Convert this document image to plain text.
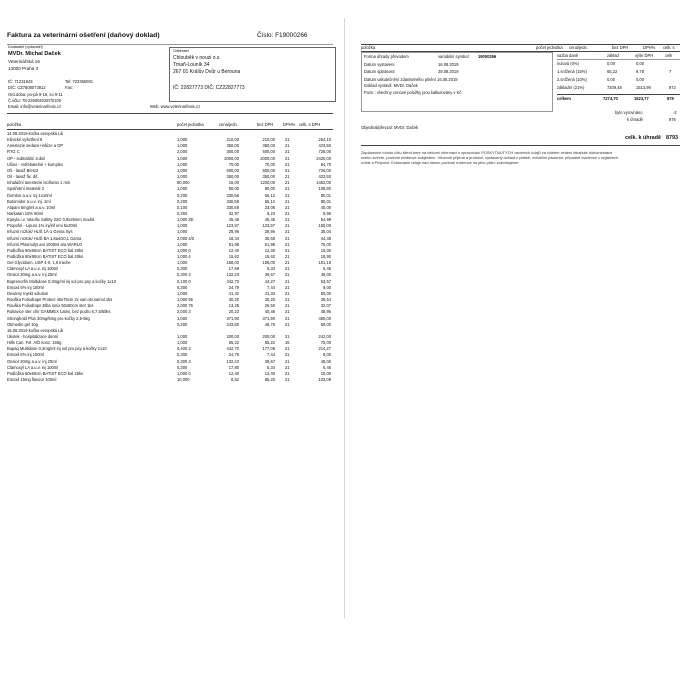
Faktura za veterinární ošetření (daňový doklad)	Číslo: F19000266
Dodavatel (vydavatel)
MVDr. Michal Daček
Veterinářská 16
13000 Praha 3
IČ: 71231943	Tel: 723365001
DIČ: CZ7808073912	Fax:
Ord.doba: po-pá 9-19, so 9-11
Č.účtu: 78-2360040287/0100
Email: info@veterinarfenix.cz	Web: www.veterinarfenix.cz
Odběratel
Chlouběk v nouzi o.s.
Tmaň-Louník 34
267 01 Králův Dvůr u Berouna
IČ: 22827773 DIČ: CZ22827773
položka	počet jednotka	cena/jedn.	bez DPH DPH% celk. s DPH
14.08.2019 kočka evropská Lili
Klinické vyšetření 8	1,000	210,00	210,00 21	254,10
Anestezie sedace+infúze a OP	1,000	350,00	350,00 21	423,50
RTG C	2,000	300,00	600,00 21	726,00
OP - subtotální zubní	1,000	2000,00	2000,00 21	2420,00
Ušivo - vstřebatelné + komplex	1,000	70,00	70,00 21	84,70
Oš - lavaž B/etc2	1,000	600,00	600,00 21	726,00
Oš - lavaž fix. dif.	1,000	350,00	350,00 21	423,50
Inhalační anestezie isofluran 1 min	80,000	15,00	1200,00 21	1452,00
Spotřební materiál 3	1,000	90,00	90,00 21	108,90
Domitor a.u.v. inj 1x10ml	0,200	330,56	66,12 21	80,01
Butomidor a.u.v. inj. 1ml	0,200	330,58	66,12 21	80,01
Atipam 5mg/ml a.u.v. 10ml	0,100	330,58	33,06 21	40,00
Narkatan 10% 50ml	0,250	32,97	8,23 21	9,96
Kanyla i.v. Vasofix Safety 22G 0,9x25mm modrá	1,000 ZE	45,45	45,45 21	54,99
Propofol - Lipuro 1% inj/inf emi 5x20ml	1,000	123,97	123,97 21	150,00
Infuzní roztok/ HUŠ 1Ä-1 Gema Sys	1,000	28,96	28,96 21	35,04
Infuzní roztok/ HUŠ BA 1,8a4G0,L Gama	2,000 4/0	18,34	36,68 21	44,38
Infuzní Plasmolyt ani 1000ml a/a WARLO	1,000	61,98	61,98 21	75,00
Podložka 60x60cm BATIST ECO bal 20ks	1,000 0	12,40	12,40 21	15,00
Podložka 60x90cm BATIST ECO bal 20ks	1,000 4	15,62	15,62 21	18,90
Gel Glycidium, USP 4-0, 1,5 trache	1,000	158,00	158,00 21	191,18
Clamoxyl LA a.u.v. inj 100ml	0,300	17,69	5,34 21	6,46
Onsior 20mg a.u.v. inj 20ml	0,300 3	132,23	39,67 21	48,00
Buprenorfin Multidose 0,3mg/ml inj sol pro psy a kočky 1x10	0,100 0	442,70	44,27 21	53,57
Emoxil 5% inj 100ml	0,300	24,79	7,44 21	9,00
Dexamy Injekt solution	1,000	41,32	41,32 21	50,00
Rouška Foliodrape Protect 45x75cm 2v vari.otv.samol.1ks	1,000 55	30,20	30,20 21	36,54
Rouška Foliodrape Elba Ixnix 50x50cm ster 1ks	2,000 76	13,25	26,50 21	32,07
Rukavice ster chir GAMMEX Latex, bez pudru 6,7,5/50ks	2,000 3	20,23	40,46 21	48,96
Stronghold Plus 30mg/5mg pro kočky 2,5-5kg	1,000	371,90	371,90 21	450,00
Otimedin gel 10g	0,200	243,80	48,76 21	59,00
15.08.2019 kočka evropská Lili
Úkolek - hospitalizace denní	1,000	200,00	200,00 21	242,00
Hills Can. Fel. A/D konz. 156g	1,000	65,22	65,22 15	75,00
Bupaq Multidose 0,3mg/ml inj sol pro psy a kočky 1x10	0,400 3	442,70	177,08 21	214,27
Emoxil 5% inj 100ml	0,300	24,79	7,44 21	9,00
Onsior 20mg a.u.v. inj 20ml	0,300 3	132,23	39,67 21	48,00
Clamoxyl LA a.u.v. inj 100ml	0,300	17,80	5,34 21	6,46
Podložka 60x60cm BATIST ECO bal 25ks	1,000 0	12,40	12,40 21	15,00
Emoxil 15mg flavour 100ml	10,000	8,52	85,20 21	103,09
položka	počet jednotka cena/jedn.	bez DPH	DPH% celk. s
Forma úhrady převodem	variabilní symbol: 19000266
Datum vystavení	16.08.2019
Datum splatnosti	29.08.2019
Datum uskutečnění zdanitelného plnění 16.08.2019
Doklad vystavil: MVDr. Daček
Pozn.: všechny cenové položky jsou kalkulovány v Kč
sazba daně	základ	výše DPH	celk
nulová (0%)	0,00	0,00
1.snížená (15%)	65,22	9,78	7
2.snížená (10%)	0,00	0,00
základní (21%)	7209,48	1513,99	872
celkem	7274,70	1523,77	879
bylo vyrovnáno	-2
k úhradě	876
Objednal/převzal: MVDr. Daček
celk. k úhradě 8793
Zaplacením tohoto účtu klient bere na vědomí informaci o zpracování POSKYTNUTÝCH osobních údajů za účelem vedení lékařské dokumentace svého zvířete, povinné evidence subjektem. Vědomě přijímá a protokol, vystavený doklad o platbě, zvířatům pacienta, případně evidence v registrech zvířat a Petpoint. Evidovanie údaje nad rámec povinné evidence na jeho přání zaevidujeme.
